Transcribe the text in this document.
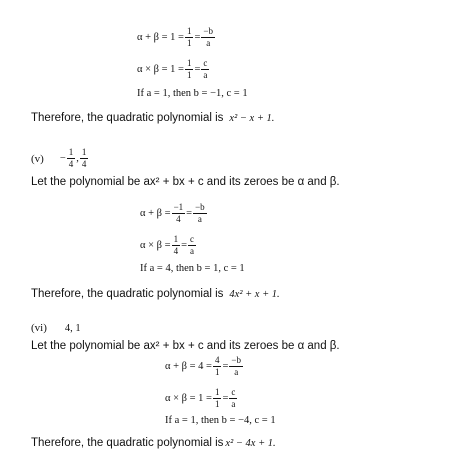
$\alpha + \beta = 1 = \frac{1}{1} = \frac{-b}{a}$
$\alpha \times \beta = 1 = \frac{1}{1} = \frac{c}{a}$
If a = 1, then b = −1, c = 1
Therefore, the quadratic polynomial is x² − x + 1.
$(v) - \frac{1}{4}$ , $\frac{1}{4}$
Let the polynomial be ax² + bx + c and its zeroes be α and β.
$\alpha + \beta = \frac{-1}{4} = \frac{-b}{a}$
$\alpha \times \beta = \frac{1}{4} = \frac{c}{a}$
If a = 4, then b = 1, c = 1
Therefore, the quadratic polynomial is 4x² + x + 1.
(vi) 4, 1
Let the polynomial be ax² + bx + c and its zeroes be α and β.
$\alpha + \beta = 4 = \frac{4}{1} = \frac{-b}{a}$
$\alpha \times \beta = 1 = \frac{1}{1} = \frac{c}{a}$
If a = 1, then b = −4, c = 1
Therefore, the quadratic polynomial is x² − 4x + 1.
